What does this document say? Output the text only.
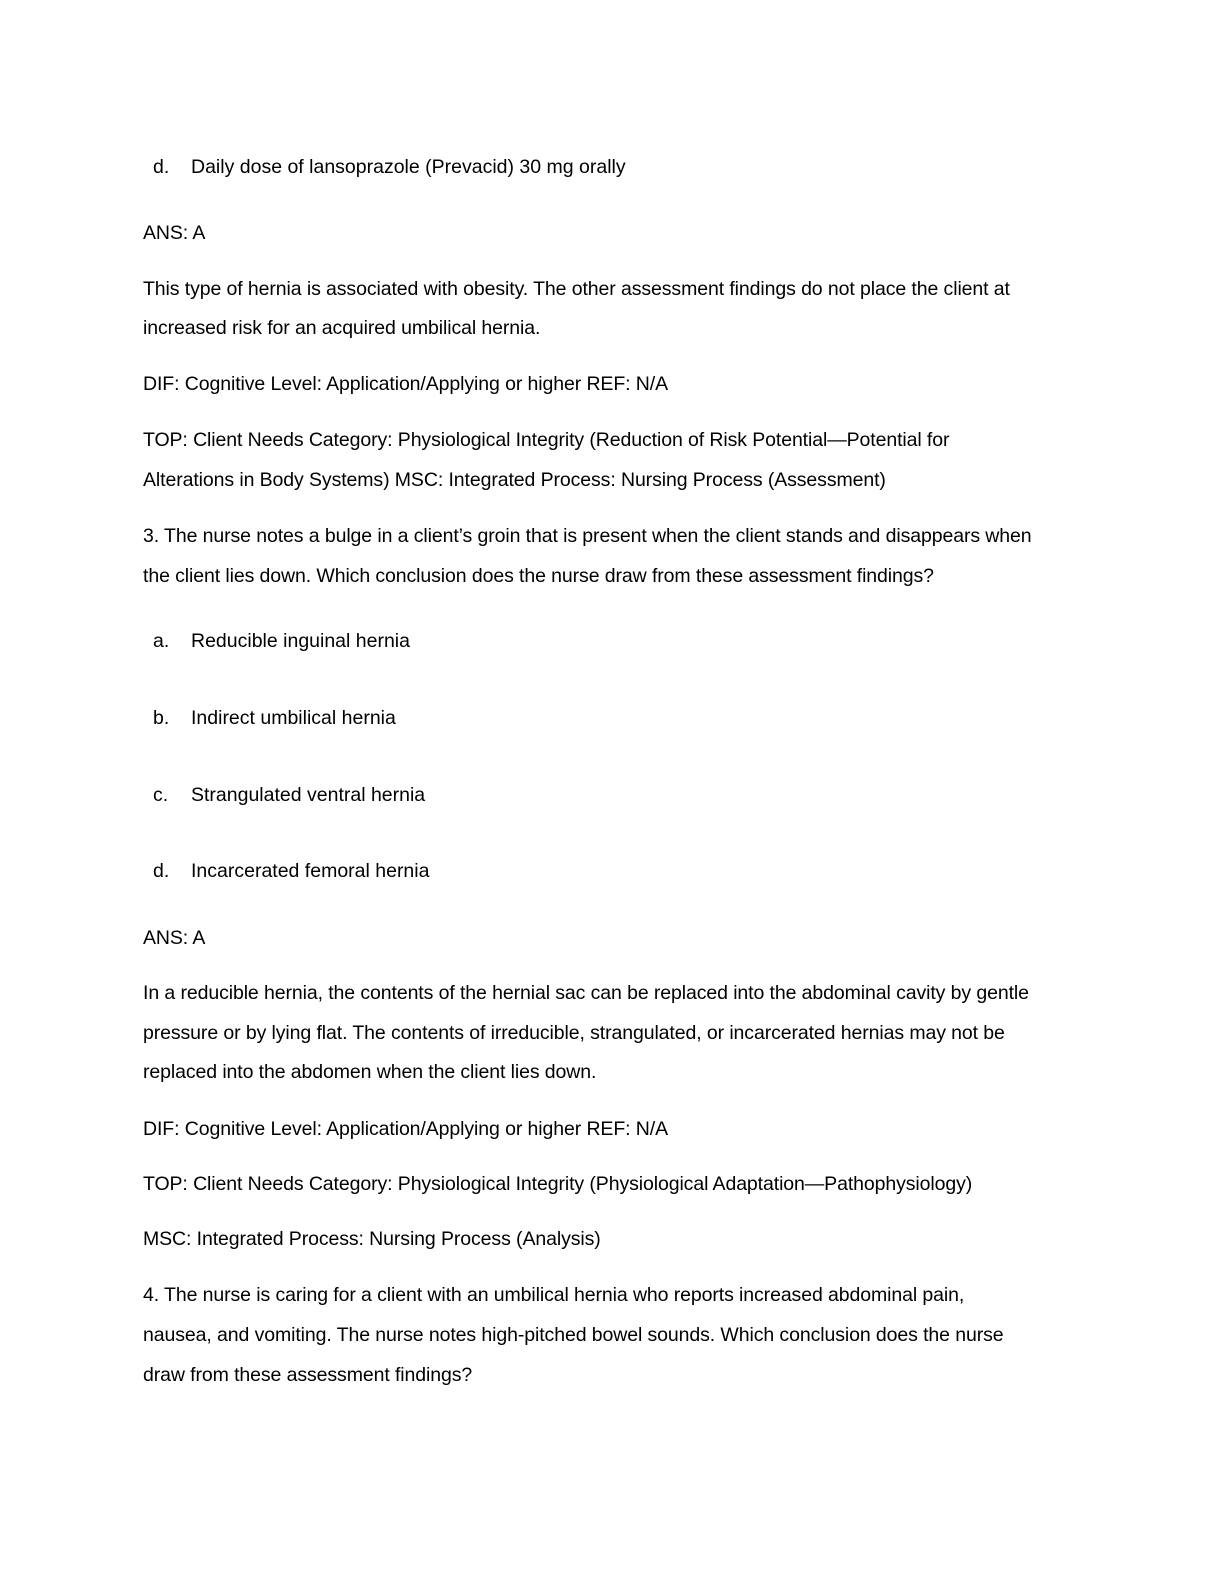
d. Daily dose of lansoprazole (Prevacid) 30 mg orally
ANS: A
This type of hernia is associated with obesity. The other assessment findings do not place the client at
increased risk for an acquired umbilical hernia.
DIF: Cognitive Level: Application/Applying or higher REF: N/A
TOP: Client Needs Category: Physiological Integrity (Reduction of Risk Potential—Potential for
Alterations in Body Systems) MSC: Integrated Process: Nursing Process (Assessment)
3. The nurse notes a bulge in a client’s groin that is present when the client stands and disappears when
the client lies down. Which conclusion does the nurse draw from these assessment findings?
a. Reducible inguinal hernia
b. Indirect umbilical hernia
c. Strangulated ventral hernia
d. Incarcerated femoral hernia
ANS: A
In a reducible hernia, the contents of the hernial sac can be replaced into the abdominal cavity by gentle
pressure or by lying flat. The contents of irreducible, strangulated, or incarcerated hernias may not be
replaced into the abdomen when the client lies down.
DIF: Cognitive Level: Application/Applying or higher REF: N/A
TOP: Client Needs Category: Physiological Integrity (Physiological Adaptation—Pathophysiology)
MSC: Integrated Process: Nursing Process (Analysis)
4. The nurse is caring for a client with an umbilical hernia who reports increased abdominal pain,
nausea, and vomiting. The nurse notes high-pitched bowel sounds. Which conclusion does the nurse
draw from these assessment findings?
